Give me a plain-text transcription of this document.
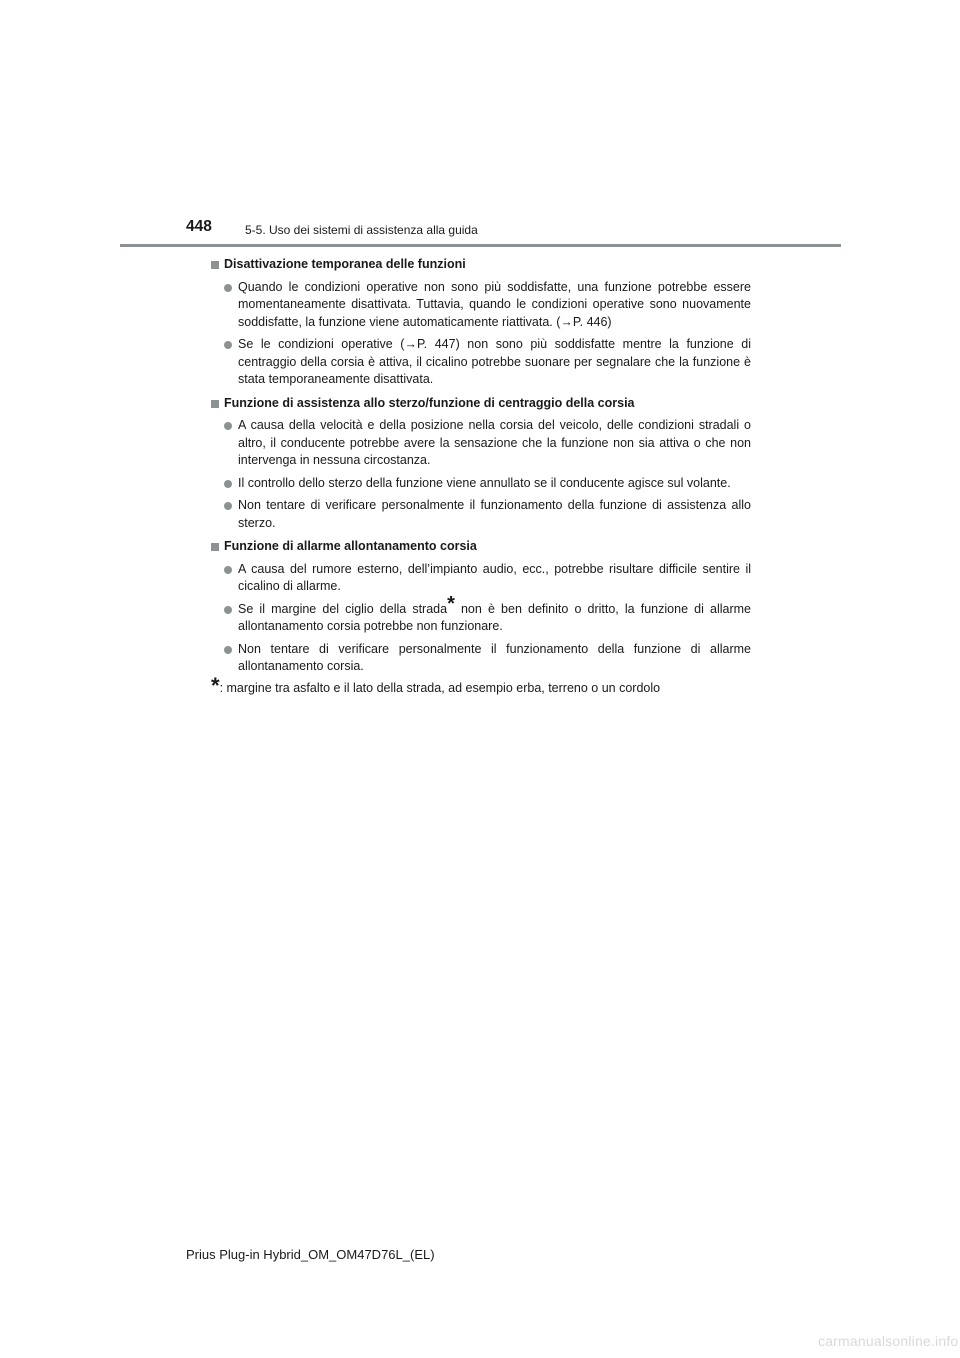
448	5-5. Uso dei sistemi di assistenza alla guida
Disattivazione temporanea delle funzioni
Quando le condizioni operative non sono più soddisfatte, una funzione potrebbe essere momentaneamente disattivata. Tuttavia, quando le condizioni operative sono nuovamente soddisfatte, la funzione viene automaticamente riattivata. (→P. 446)
Se le condizioni operative (→P. 447) non sono più soddisfatte mentre la funzione di centraggio della corsia è attiva, il cicalino potrebbe suonare per segnalare che la funzione è stata temporaneamente disattivata.
Funzione di assistenza allo sterzo/funzione di centraggio della corsia
A causa della velocità e della posizione nella corsia del veicolo, delle condizioni stradali o altro, il conducente potrebbe avere la sensazione che la funzione non sia attiva o che non intervenga in nessuna circostanza.
Il controllo dello sterzo della funzione viene annullato se il conducente agisce sul volante.
Non tentare di verificare personalmente il funzionamento della funzione di assistenza allo sterzo.
Funzione di allarme allontanamento corsia
A causa del rumore esterno, dell’impianto audio, ecc., potrebbe risultare difficile sentire il cicalino di allarme.
Se il margine del ciglio della strada* non è ben definito o dritto, la funzione di allarme allontanamento corsia potrebbe non funzionare.
Non tentare di verificare personalmente il funzionamento della funzione di allarme allontanamento corsia.
*: margine tra asfalto e il lato della strada, ad esempio erba, terreno o un cordolo
Prius Plug-in Hybrid_OM_OM47D76L_(EL)
carmanualsonline.info
